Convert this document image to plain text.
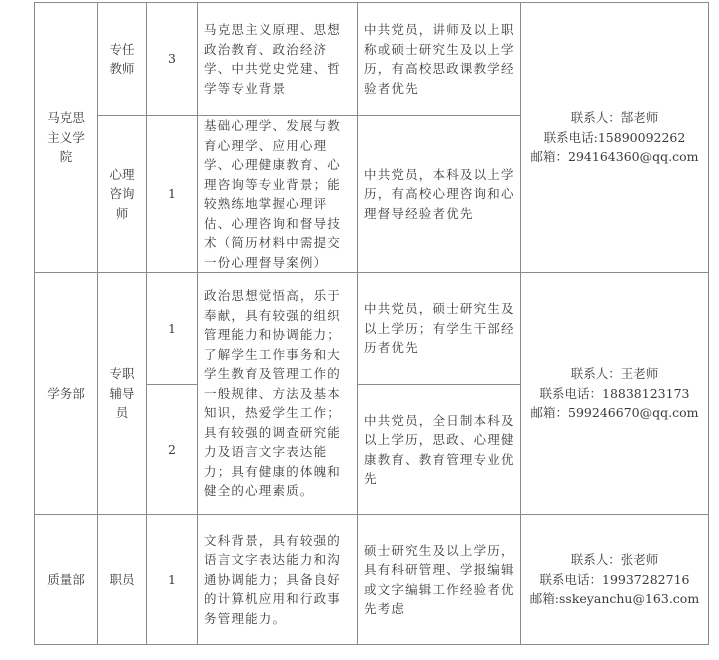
马克思主义学院	专任教师	3	马克思主义原理、思想政治教育、政治经济学、中共党史党建、哲学等专业背景	中共党员，讲师及以上职称或硕士研究生及以上学历，有高校思政课教学经验者优先	联系人：郜老师
联系电话:15890092262
邮箱：294164360@qq.com

	心理咨询师	1	基础心理学、发展与教育心理学、应用心理学、心理健康教育、心理咨询等专业背景；能较熟练地掌握心理评估、心理咨询和督导技术（简历材料中需提交一份心理督导案例）	中共党员，本科及以上学历，有高校心理咨询和心理督导经验者优先	
学务部	专职辅导员	1	政治思想觉悟高，乐于奉献，具有较强的组织管理能力和协调能力；了解学生工作事务和大学生教育及管理工作的一般规律、方法及基本知识，热爱学生工作；具有较强的调查研究能力及语言文字表达能力；具有健康的体魄和健全的心理素质。	中共党员，硕士研究生及以上学历；有学生干部经历者优先	联系人：王老师
联系电话：18838123173
邮箱：599246670@qq.com

		2		中共党员，全日制本科及以上学历，思政、心理健康教育、教育管理专业优先	
质量部	职员	1	文科背景，具有较强的语言文字表达能力和沟通协调能力；具备良好的计算机应用和行政事务管理能力。	硕士研究生及以上学历，具有科研管理、学报编辑或文字编辑工作经验者优先考虑	联系人：张老师
联系电话：19937282716
邮箱:sskeyanchu@163.com
